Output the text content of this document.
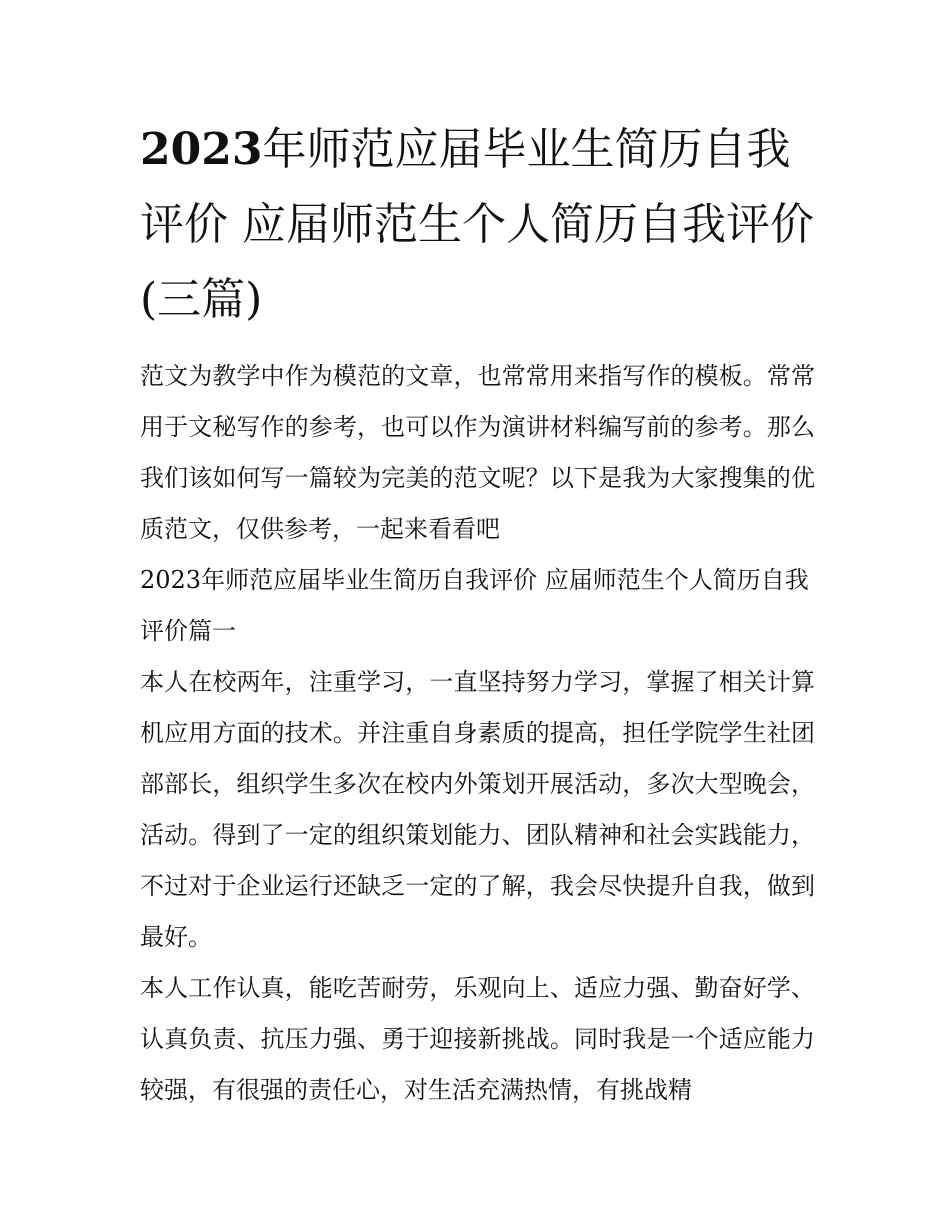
2023年师范应届毕业生简历自我评价 应届师范生个人简历自我评价(三篇)

范文为教学中作为模范的文章，也常常用来指写作的模板。常常用于文秘写作的参考，也可以作为演讲材料编写前的参考。那么我们该如何写一篇较为完美的范文呢？以下是我为大家搜集的优质范文，仅供参考，一起来看看吧

2023年师范应届毕业生简历自我评价 应届师范生个人简历自我评价篇一

本人在校两年，注重学习，一直坚持努力学习，掌握了相关计算机应用方面的技术。并注重自身素质的提高，担任学院学生社团部部长，组织学生多次在校内外策划开展活动，多次大型晚会，活动。得到了一定的组织策划能力、团队精神和社会实践能力，不过对于企业运行还缺乏一定的了解，我会尽快提升自我，做到最好。

本人工作认真，能吃苦耐劳，乐观向上、适应力强、勤奋好学、认真负责、抗压力强、勇于迎接新挑战。同时我是一个适应能力较强，有很强的责任心，对生活充满热情，有挑战精
